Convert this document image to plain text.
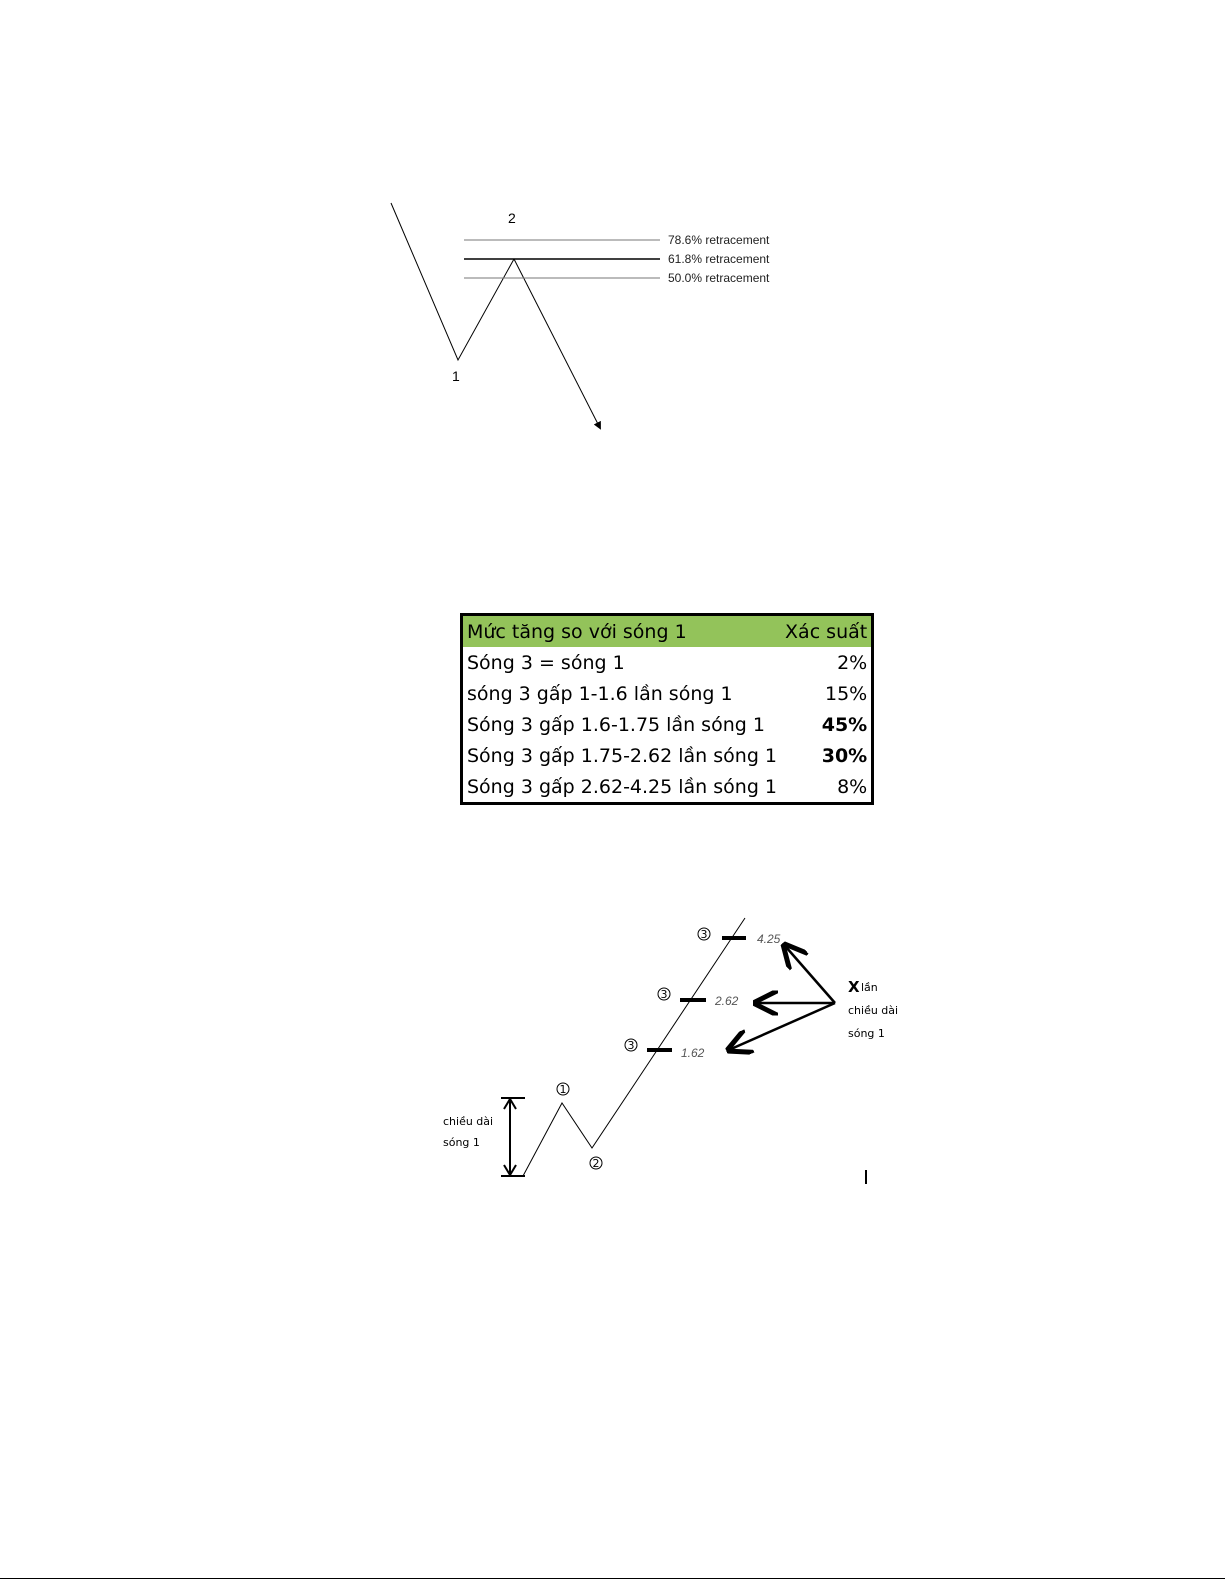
78.6% retracement
61.8% retracement
50.0% retracement
2
1
Mức tăng so với sóng 1	Xác suất
Sóng 3 = sóng 1	2%
sóng 3 gấp 1-1.6 lần sóng 1	15%
Sóng 3 gấp 1.6-1.75 lần sóng 1	45%
Sóng 3 gấp 1.75-2.62 lần sóng 1	30%
Sóng 3 gấp 2.62-4.25 lần sóng 1	8%
4.25
2.62
1.62
3
3
3
1
2
chiều dài
sóng 1
X lần
chiều dài
sóng 1
